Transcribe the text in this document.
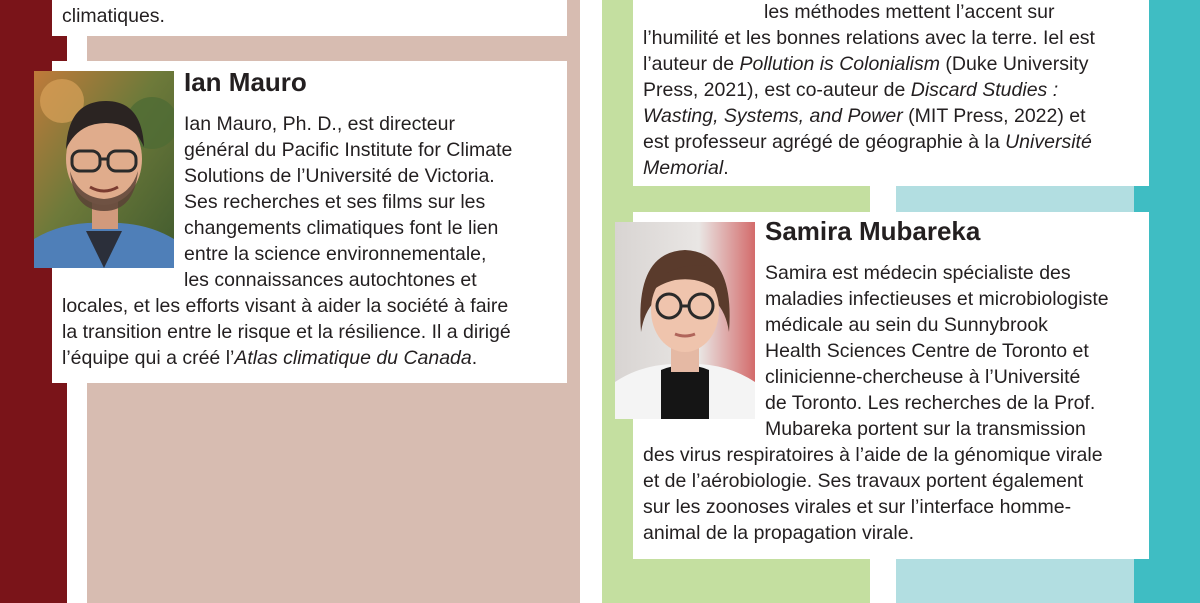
climatiques.
Ian Mauro
Ian Mauro, Ph. D., est directeur
général du Pacific Institute for Climate
Solutions de l’Université de Victoria.
Ses recherches et ses films sur les
changements climatiques font le lien
entre la science environnementale,
les connaissances autochtones et
locales, et les efforts visant à aider la société à faire
la transition entre le risque et la résilience. Il a dirigé
l’équipe qui a créé l’Atlas climatique du Canada.
les méthodes mettent l’accent sur
l’humilité et les bonnes relations avec la terre. Iel est
l’auteur de Pollution is Colonialism (Duke University
Press, 2021), est co-auteur de Discard Studies :
Wasting, Systems, and Power (MIT Press, 2022) et
est professeur agrégé de géographie à la Université
Memorial.
Samira Mubareka
Samira est médecin spécialiste des
maladies infectieuses et microbiologiste
médicale au sein du Sunnybrook
Health Sciences Centre de Toronto et
clinicienne-chercheuse à l’Université
de Toronto. Les recherches de la Prof.
Mubareka portent sur la transmission
des virus respiratoires à l’aide de la génomique virale
et de l’aérobiologie. Ses travaux portent également
sur les zoonoses virales et sur l’interface homme-
animal de la propagation virale.
